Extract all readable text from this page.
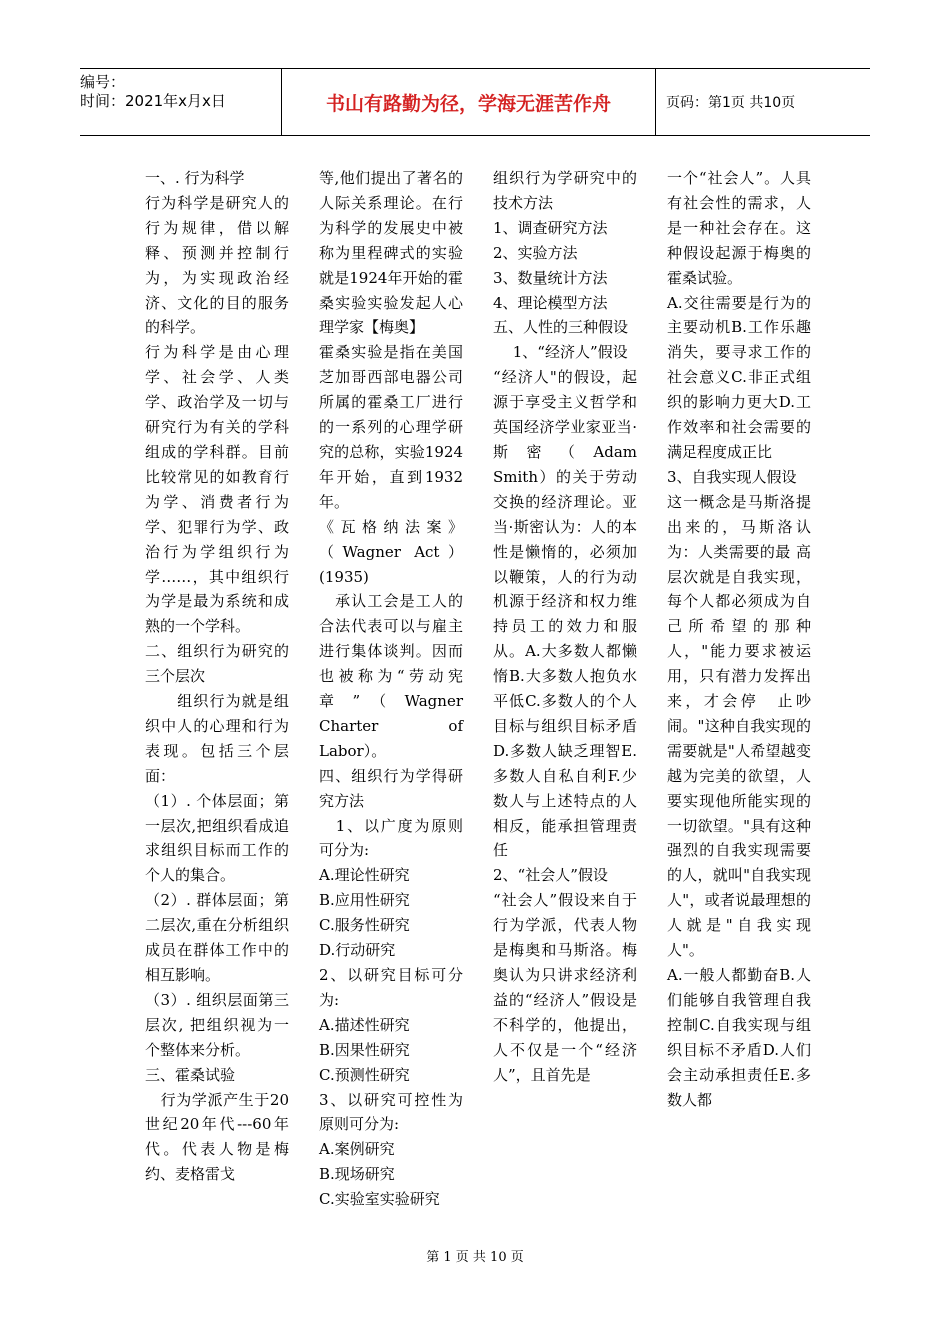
编号：
时间：2021年x月x日	书山有路勤为径，学海无涯苦作舟	页码：第1页 共10页

一、. 行为科学

行为科学是研究人的行为规律，借以解释、预测并控制行为，为实现政治经济、文化的目的服务的科学。

行为科学是由心理学、社会学、人类学、政治学及一切与研究行为有关的学科组成的学科群。目前比较常见的如教育行为学、消费者行为学、犯罪行为学、政治行为学组织行为学……，其中组织行为学是最为系统和成熟的一个学科。

二、组织行为研究的三个层次

　　组织行为就是组织中人的心理和行为表现。包括三个层面：

（1）. 个体层面；第一层次,把组织看成追求组织目标而工作的个人的集合。

（2）. 群体层面；第二层次,重在分析组织成员在群体工作中的相互影响。

（3）. 组织层面第三层次, 把组织视为一个整体来分析。

三、霍桑试验

　行为学派产生于20世纪20年代---60年代。代表人物是梅约、麦格雷戈

等,他们提出了著名的人际关系理论。在行为科学的发展史中被称为里程碑式的实验就是1924年开始的霍桑实验实验发起人心理学家【梅奥】

霍桑实验是指在美国芝加哥西部电器公司所属的霍桑工厂进行的一系列的心理学研究的总称，实验1924年开始，直到1932年。

《瓦格纳法案》（Wagner Act）(1935)

　承认工会是工人的合法代表可以与雇主进行集体谈判。因而也被称为“劳动宪章”（Wagner Charter of Labor）。

四、组织行为学得研究方法

　1、以广度为原则可分为:

A.理论性研究

B.应用性研究

C.服务性研究

D.行动研究

2、以研究目标可分为:

A.描述性研究

B.因果性研究

C.预测性研究

3、以研究可控性为原则可分为:

A.案例研究

B.现场研究

C.实验室实验研究

组织行为学研究中的技术方法

1、调查研究方法

2、实验方法

3、数量统计方法

4、理论模型方法

五、人性的三种假设

　 1、“经济人”假设

“经济人"的假设，起源于享受主义哲学和英国经济学业家亚当·斯密（Adam Smith）的关于劳动交换的经济理论。亚当·斯密认为：人的本性是懒惰的，必须加以鞭策，人的行为动机源于经济和权力维持员工的效力和服从。A.大多数人都懒惰B.大多数人抱负水平低C.多数人的个人目标与组织目标矛盾D.多数人缺乏理智E.多数人自私自利F.少数人与上述特点的人相反，能承担管理责任

2、“社会人”假设

“社会人”假设来自于行为学派，代表人物是梅奥和马斯洛。梅奥认为只讲求经济利益的“经济人”假设是不科学的，他提出，人不仅是一个“经济人”，且首先是

一个“社会人”。人具有社会性的需求，人是一种社会存在。这种假设起源于梅奥的霍桑试验。

A.交往需要是行为的主要动机B.工作乐趣消失，要寻求工作的社会意义C.非正式组织的影响力更大D.工作效率和社会需要的满足程度成正比

3、自我实现人假设

这一概念是马斯洛提出来的，马斯洛认为：人类需要的最 高层次就是自我实现，每个人都必须成为自己所希望的那种人，"能力要求被运用，只有潜力发挥出来，才会停　止吵闹。"这种自我实现的需要就是"人希望越变越为完美的欲望，人要实现他所能实现的一切欲望。"具有这种强烈的自我实现需要的人，就叫"自我实现人"，或者说最理想的人就是"自我实现人"。

A.一般人都勤奋B.人们能够自我管理自我控制C.自我实现与组织目标不矛盾D.人们会主动承担责任E.多数人都

第 1 页 共 10 页
